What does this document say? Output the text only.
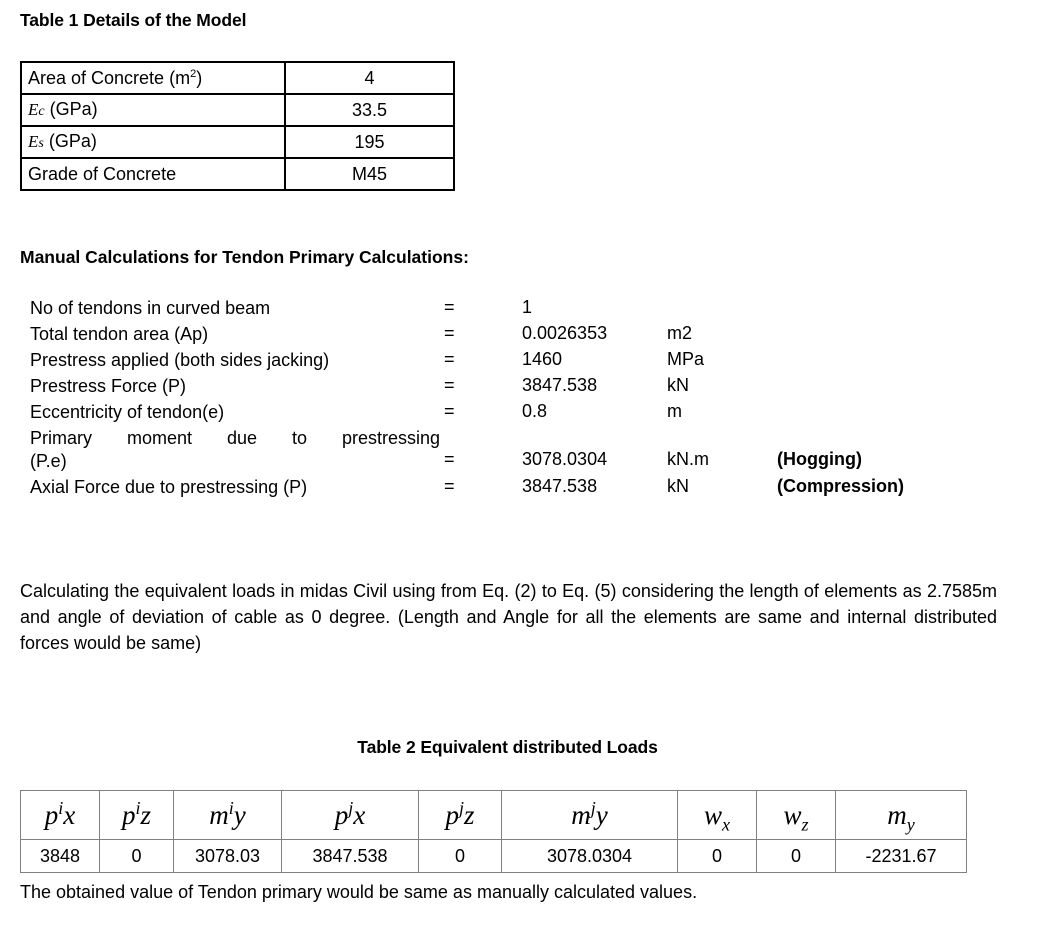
Table 1 Details of the Model
Area of Concrete $(m^2)$	4
Ec (GPa)	33.5
Es (GPa)	195
Grade of Concrete	M45
Manual Calculations for Tendon Primary Calculations:
No of tendons in curved beam	=	1
Total tendon area (Ap)	=	0.0026353	m2
Prestress applied (both sides jacking)	=	1460	MPa
Prestress Force (P)	=	3847.538	kN
Eccentricity of tendon(e)	=	0.8	m
Primary moment due to prestressing
(P.e)	=	3078.0304	kN.m	(Hogging)
Axial Force due to prestressing (P)	=	3847.538	kN	(Compression)
Calculating the equivalent loads in midas Civil using from Eq. (2) to Eq. (5) considering the length of elements as 2.7585m and angle of deviation of cable as 0 degree. (Length and Angle for all the elements are same and internal distributed forces would be same)
Table 2 Equivalent distributed Loads
$p^ix$	$p^iz$	$m^iy$	$p^jx$	$p^jz$	$m^jy$	$w_x$	$w_z$	$m_y$
3848	0	3078.03	3847.538	0	3078.0304	0	0	-2231.67
The obtained value of Tendon primary would be same as manually calculated values.
